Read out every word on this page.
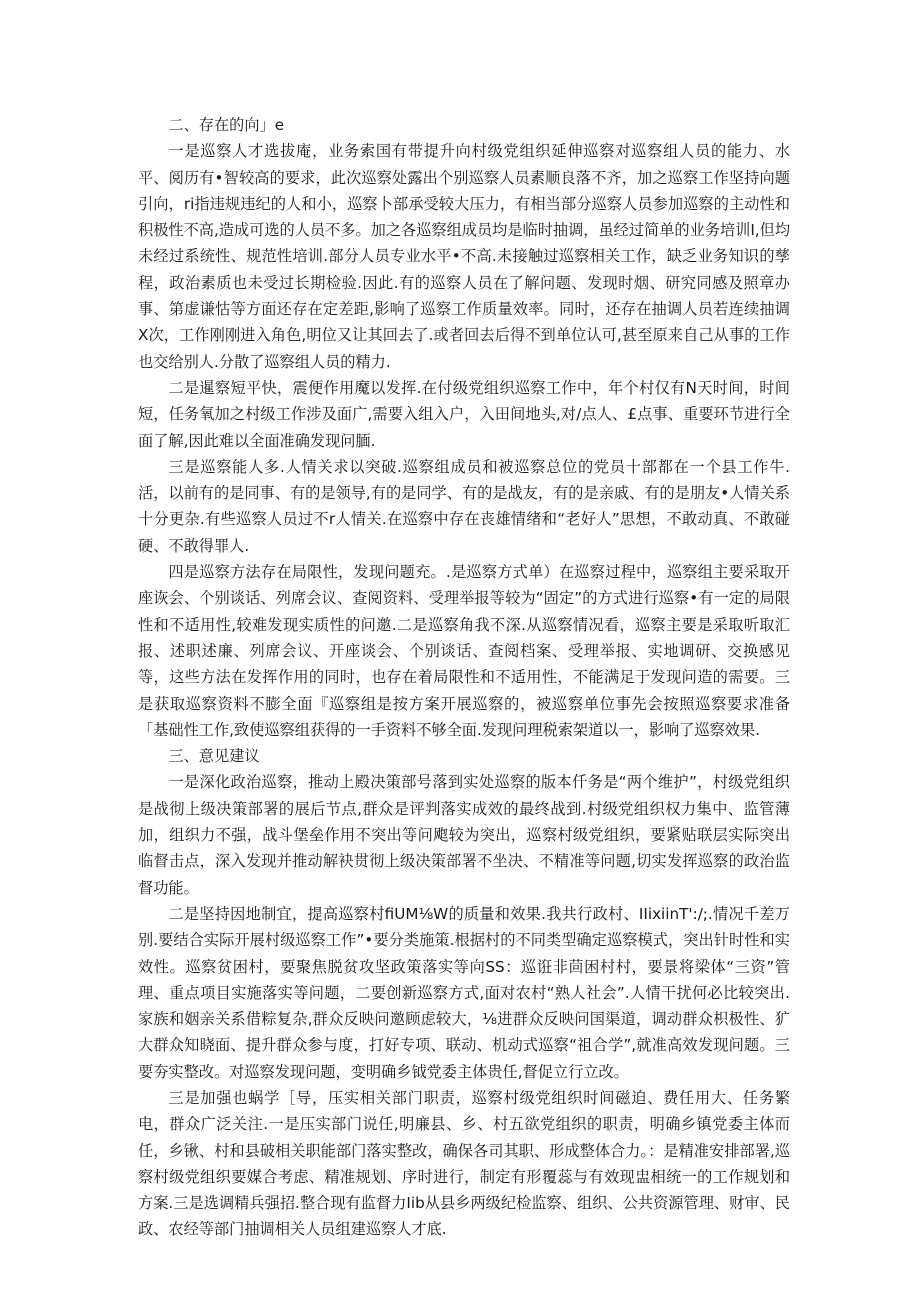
二、存在的向」e

一是巡察人才选拔庵，业务索国有带提升向村级党组织延伸巡察对巡察组人员的能力、水平、阅历有•智较高的要求，此次巡察处露出个别巡察人员素顺良落不齐，加之巡察工作坚持向题引向，ri指违规违纪的人和小，巡察卜部承受较大压力，有相当部分巡察人员参加巡察的主动性和积极性不高,造成可选的人员不多。加之各巡察组成员均是临时抽调，虽经过简单的业务培训I,但均未经过系统性、规范性培训.部分人员专业水平•不高.未接触过巡察相关工作，缺乏业务知识的孳程，政治素质也未受过长期检验.因此.有的巡察人员在了解问题、发现时烟、研究同感及照章办事、第虚谦怙等方面还存在定差距,影响了巡察工作质量效率。同时，还存在抽调人员若连续抽调X次，工作刚刚进入角色,明位又让其回去了.或者回去后得不到单位认可,甚至原来自己从事的工作也交给别人.分散了巡察组人员的精力.

二是暹察短平快，震便作用魔以发挥.在付级党组织巡察工作中，年个村仅有N天时间，时间短，任务氧加之村级工作涉及面广,需要入组入户，入田间地头,对/点人、£点事、重要环节进行全面了解,因此难以全面准确发现问腼.

三是巡察能人多.人情关求以突破.巡察组成员和被巡察总位的党员十部都在一个县工作牛.活，以前有的是同事、有的是领导,有的是同学、有的是战友，有的是亲戚、有的是朋友•人情关系十分更杂.有些巡察人员过不r人情关.在巡察中存在丧雄情绪和“老好人”思想，不敢动真、不敢碰硬、不敢得罪人.

四是巡察方法存在局限性，发现问题充。.是巡察方式单）在巡察过程中，巡察组主要采取开座诙会、个别谈话、列席会议、查阅资料、受理举报等较为“固定”的方式进行巡察•有一定的局限性和不适用性,较难发现实质性的问邀.二是巡察角我不深.从巡察情况看，巡察主要是采取听取汇报、述职述廉、列席会议、开座谈会、个别谈话、查阅档案、受理举报、实地调研、交换感见等，这些方法在发挥作用的同时，也存在着局限性和不适用性，不能满足于发现问造的需要。三是获取巡察资料不膨全面『巡察组是按方案开展巡察的，被巡察单位事先会按照巡察要求准备「基础性工作,致使巡察组获得的一手资料不够全面.发现问理税索架道以一，影响了巡察效果.

三、意见建议

一是深化政治巡察，推动上殿决策部号落到实处巡察的版本仟务是“两个维护”，村级党组织是战彻上级决策部署的展后节点,群众是评判落实成效的最终战到.村级党组织权力集中、监管薄加，组织力不强，战斗堡垒作用不突出等问飑较为突出，巡察村级党组织，要紧贴联层实际突出临督击点，深入发现并推动解袂贯彻上级决策部署不坐决、不精准等问题,切实发挥巡察的政治监督功能。

二是坚持因地制宜，提高巡察村fiUM⅛W的质量和效果.我共行政村、IIixiinT':/;.情况千差万别.要结合实际开展村级巡察工作”•要分类施策.根据村的不同类型确定巡察模式，突出针时性和实效性。巡察贫困村，要聚焦脱贫攻坚政策落实等向SS：巡诳非茴困村村，要景将梁体“三资”管理、重点项目实施落实等问题，二要创新巡察方式,面对农村“熟人社会”.人情干扰何必比较突出.家族和姻亲关系借粽复杂,群众反映问邀顾虑较大，⅛进群众反映问国渠道，调动群众枳极性、犷大群众知晓面、提升群众参与度，打好专项、联动、机动式巡察“祖合学”,就准高效发现问题。三要夯实整改。对巡察发现问题，变明确乡钺党委主体贵任,督促立行立改。

三是加强也蜗学［导，压实相关部门职责，巡察村级党组织时间磁迫、费任用大、任务繁电，群众广泛关注.一是压实部门说任,明廉县、乡、村五欲党组织的职责，明确乡镇党委主体而任，乡锹、村和县破相关职能部门落实整改，确保各司其职、形成整体合力。：是精准安排部署,巡察村级党组织要媒合考虑、精准规划、序时进行，制定有形覆蕊与有效现盅相统一的工作规划和方案.三是选调精兵强招.整合现有监督力Iib从县乡两级纪检监察、组织、公共资源管理、财审、民政、农经等部门抽调相关人员组建巡察人才底.
